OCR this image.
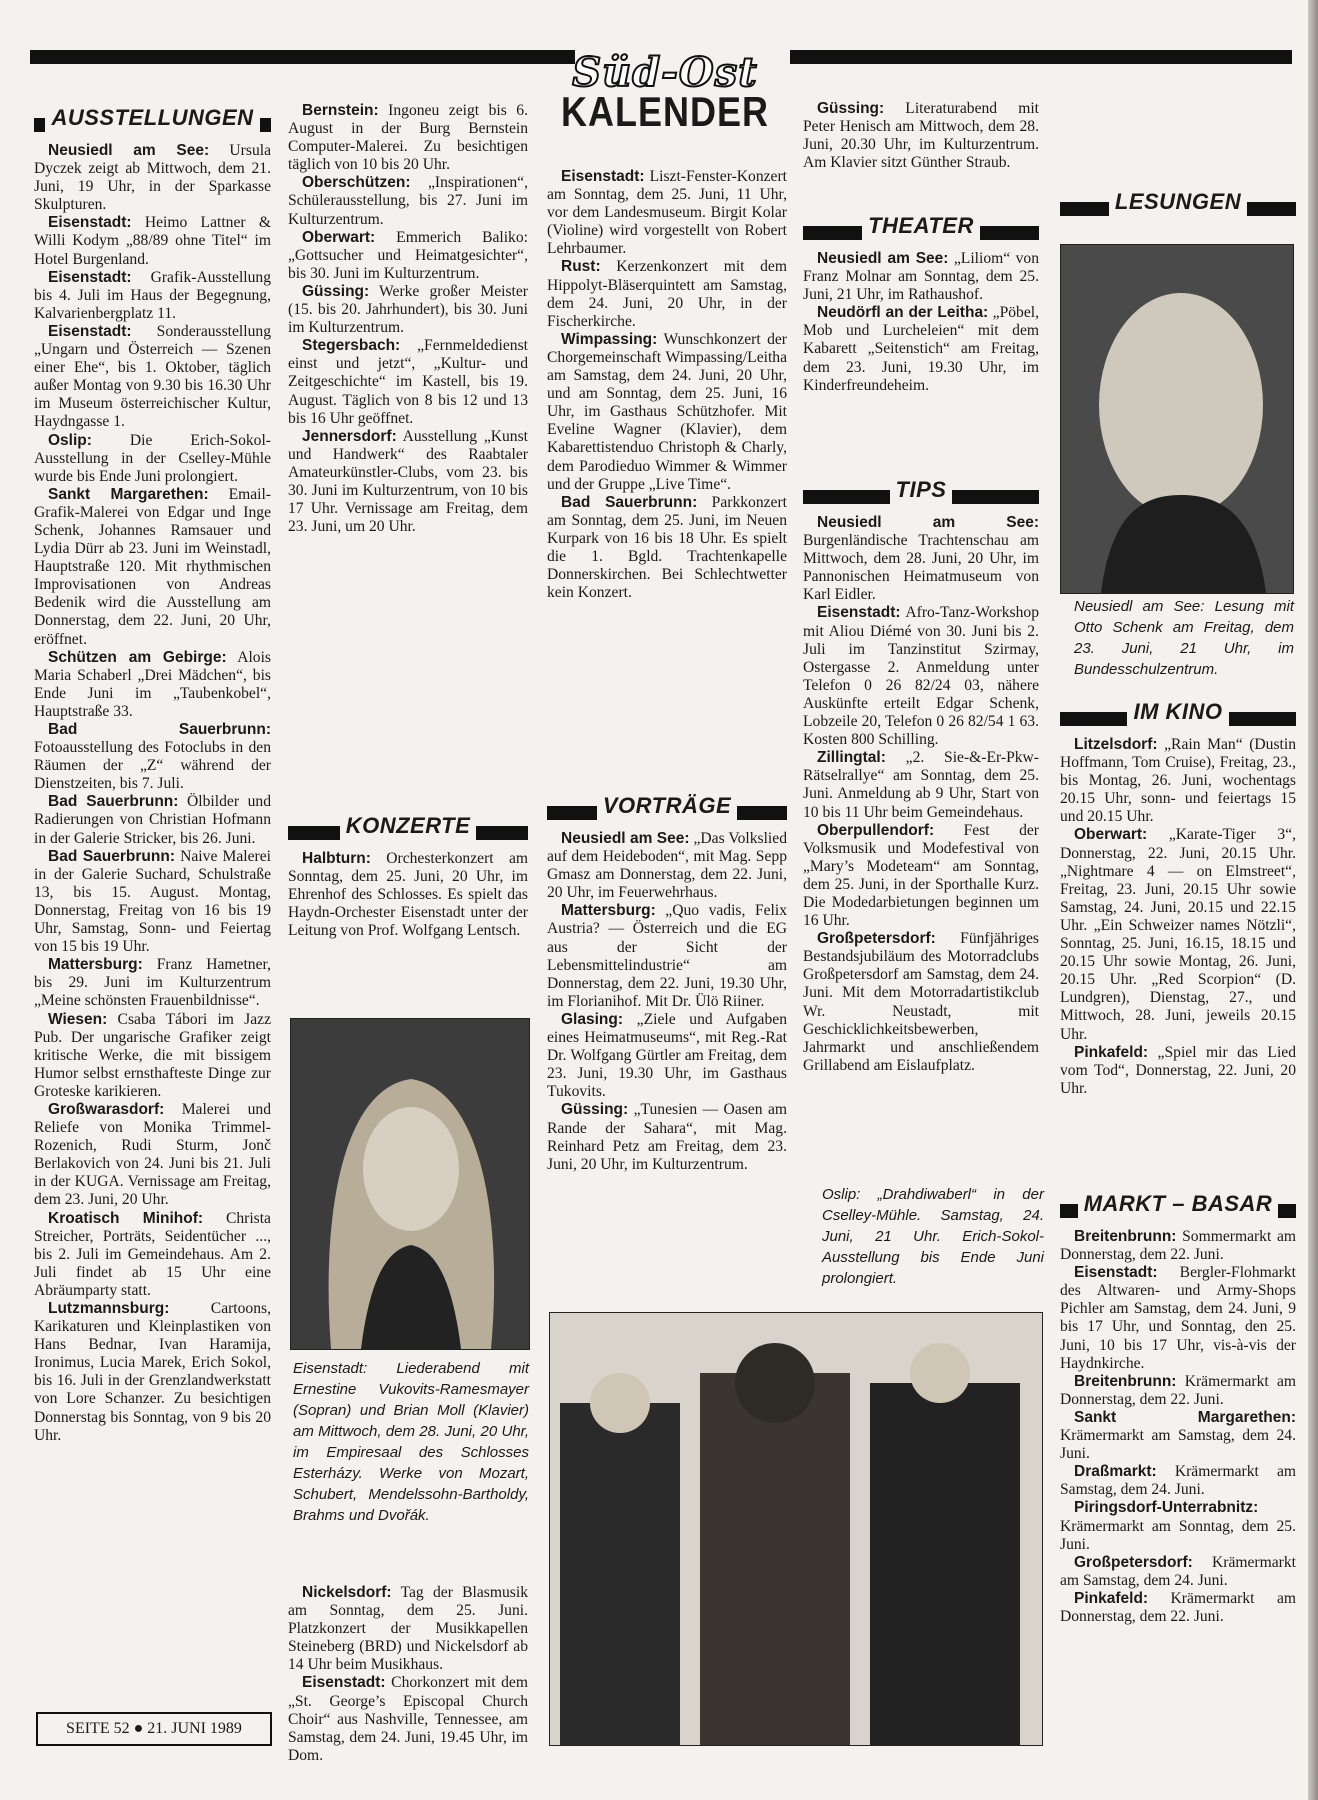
Süd-Ost
KALENDER
AUSSTELLUNGEN

Neusiedl am See: Ursula Dyczek zeigt ab Mittwoch, dem 21. Juni, 19 Uhr, in der Sparkasse Skulpturen.

Eisenstadt: Heimo Lattner & Willi Kodym „88/89 ohne Titel“ im Hotel Burgenland.

Eisenstadt: Grafik-Ausstellung bis 4. Juli im Haus der Begegnung, Kalvarienbergplatz 11.

Eisenstadt: Sonderausstellung „Ungarn und Österreich — Szenen einer Ehe“, bis 1. Oktober, täglich außer Montag von 9.30 bis 16.30 Uhr im Museum österreichischer Kultur, Haydngasse 1.

Oslip: Die Erich-Sokol-Ausstellung in der Cselley-Mühle wurde bis Ende Juni prolongiert.

Sankt Margarethen: Email-Grafik-Malerei von Edgar und Inge Schenk, Johannes Ramsauer und Lydia Dürr ab 23. Juni im Weinstadl, Hauptstraße 120. Mit rhythmischen Improvisationen von Andreas Bedenik wird die Ausstellung am Donnerstag, dem 22. Juni, 20 Uhr, eröffnet.

Schützen am Gebirge: Alois Maria Schaberl „Drei Mädchen“, bis Ende Juni im „Taubenkobel“, Hauptstraße 33.

Bad Sauerbrunn: Fotoausstellung des Fotoclubs in den Räumen der „Z“ während der Dienstzeiten, bis 7. Juli.

Bad Sauerbrunn: Ölbilder und Radierungen von Christian Hofmann in der Galerie Stricker, bis 26. Juni.

Bad Sauerbrunn: Naive Malerei in der Galerie Suchard, Schulstraße 13, bis 15. August. Montag, Donnerstag, Freitag von 16 bis 19 Uhr, Samstag, Sonn- und Feiertag von 15 bis 19 Uhr.

Mattersburg: Franz Hametner, bis 29. Juni im Kulturzentrum „Meine schönsten Frauenbildnisse“.

Wiesen: Csaba Tábori im Jazz Pub. Der ungarische Grafiker zeigt kritische Werke, die mit bissigem Humor selbst ernsthafteste Dinge zur Groteske karikieren.

Großwarasdorf: Malerei und Reliefe von Monika Trimmel-Rozenich, Rudi Sturm, Jonč Berlakovich von 24. Juni bis 21. Juli in der KUGA. Vernissage am Freitag, dem 23. Juni, 20 Uhr.

Kroatisch Minihof: Christa Streicher, Porträts, Seidentücher ..., bis 2. Juli im Gemeindehaus. Am 2. Juli findet ab 15 Uhr eine Abräumparty statt.

Lutzmannsburg: Cartoons, Karikaturen und Kleinplastiken von Hans Bednar, Ivan Haramija, Ironimus, Lucia Marek, Erich Sokol, bis 16. Juli in der Grenzlandwerkstatt von Lore Schanzer. Zu besichtigen Donnerstag bis Sonntag, von 9 bis 20 Uhr.

Bernstein: Ingoneu zeigt bis 6. August in der Burg Bernstein Computer-Malerei. Zu besichtigen täglich von 10 bis 20 Uhr.

Oberschützen: „Inspirationen“, Schülerausstellung, bis 27. Juni im Kulturzentrum.

Oberwart: Emmerich Baliko: „Gottsucher und Heimatgesichter“, bis 30. Juni im Kulturzentrum.

Güssing: Werke großer Meister (15. bis 20. Jahrhundert), bis 30. Juni im Kulturzentrum.

Stegersbach: „Fernmeldedienst einst und jetzt“, „Kultur- und Zeitgeschichte“ im Kastell, bis 19. August. Täglich von 8 bis 12 und 13 bis 16 Uhr geöffnet.

Jennersdorf: Ausstellung „Kunst und Handwerk“ des Raabtaler Amateurkünstler-Clubs, vom 23. bis 30. Juni im Kulturzentrum, von 10 bis 17 Uhr. Vernissage am Freitag, dem 23. Juni, um 20 Uhr.

KONZERTE

Halbturn: Orchesterkonzert am Sonntag, dem 25. Juni, 20 Uhr, im Ehrenhof des Schlosses. Es spielt das Haydn-Orchester Eisenstadt unter der Leitung von Prof. Wolfgang Lentsch.

Eisenstadt: Liederabend mit Ernestine Vukovits-Ramesmayer (Sopran) und Brian Moll (Klavier) am Mittwoch, dem 28. Juni, 20 Uhr, im Empiresaal des Schlosses Esterházy. Werke von Mozart, Schubert, Mendelssohn-Bartholdy, Brahms und Dvořák.

Nickelsdorf: Tag der Blasmusik am Sonntag, dem 25. Juni. Platzkonzert der Musikkapellen Steineberg (BRD) und Nickelsdorf ab 14 Uhr beim Musikhaus.

Eisenstadt: Chorkonzert mit dem „St. George’s Episcopal Church Choir“ aus Nashville, Tennessee, am Samstag, dem 24. Juni, 19.45 Uhr, im Dom.

Eisenstadt: Liszt-Fenster-Konzert am Sonntag, dem 25. Juni, 11 Uhr, vor dem Landesmuseum. Birgit Kolar (Violine) wird vorgestellt von Robert Lehrbaumer.

Rust: Kerzenkonzert mit dem Hippolyt-Bläserquintett am Samstag, dem 24. Juni, 20 Uhr, in der Fischerkirche.

Wimpassing: Wunschkonzert der Chorgemeinschaft Wimpassing/Leitha am Samstag, dem 24. Juni, 20 Uhr, und am Sonntag, dem 25. Juni, 16 Uhr, im Gasthaus Schützhofer. Mit Eveline Wagner (Klavier), dem Kabarettistenduo Christoph & Charly, dem Parodieduo Wimmer & Wimmer und der Gruppe „Live Time“.

Bad Sauerbrunn: Parkkonzert am Sonntag, dem 25. Juni, im Neuen Kurpark von 16 bis 18 Uhr. Es spielt die 1. Bgld. Trachtenkapelle Donnerskirchen. Bei Schlechtwetter kein Konzert.

VORTRÄGE

Neusiedl am See: „Das Volkslied auf dem Heideboden“, mit Mag. Sepp Gmasz am Donnerstag, dem 22. Juni, 20 Uhr, im Feuerwehrhaus.

Mattersburg: „Quo vadis, Felix Austria? — Österreich und die EG aus der Sicht der Lebensmittelindustrie“ am Donnerstag, dem 22. Juni, 19.30 Uhr, im Florianihof. Mit Dr. Ülö Riiner.

Glasing: „Ziele und Aufgaben eines Heimatmuseums“, mit Reg.-Rat Dr. Wolfgang Gürtler am Freitag, dem 23. Juni, 19.30 Uhr, im Gasthaus Tukovits.

Güssing: „Tunesien — Oasen am Rande der Sahara“, mit Mag. Reinhard Petz am Freitag, dem 23. Juni, 20 Uhr, im Kulturzentrum.

Güssing: Literaturabend mit Peter Henisch am Mittwoch, dem 28. Juni, 20.30 Uhr, im Kulturzentrum. Am Klavier sitzt Günther Straub.

THEATER

Neusiedl am See: „Liliom“ von Franz Molnar am Sonntag, dem 25. Juni, 21 Uhr, im Rathaushof.

Neudörfl an der Leitha: „Pöbel, Mob und Lurcheleien“ mit dem Kabarett „Seitenstich“ am Freitag, dem 23. Juni, 19.30 Uhr, im Kinderfreundeheim.

TIPS

Neusiedl am See: Burgenländische Trachtenschau am Mittwoch, dem 28. Juni, 20 Uhr, im Pannonischen Heimatmuseum von Karl Eidler.

Eisenstadt: Afro-Tanz-Workshop mit Aliou Diémé von 30. Juni bis 2. Juli im Tanzinstitut Szirmay, Ostergasse 2. Anmeldung unter Telefon 0 26 82/24 03, nähere Auskünfte erteilt Edgar Schenk, Lobzeile 20, Telefon 0 26 82/54 1 63. Kosten 800 Schilling.

Zillingtal: „2. Sie-&-Er-Pkw-Rätselrallye“ am Sonntag, dem 25. Juni. Anmeldung ab 9 Uhr, Start von 10 bis 11 Uhr beim Gemeindehaus.

Oberpullendorf: Fest der Volksmusik und Modefestival von „Mary’s Modeteam“ am Sonntag, dem 25. Juni, in der Sporthalle Kurz. Die Modedarbietungen beginnen um 16 Uhr.

Großpetersdorf: Fünfjähriges Bestandsjubiläum des Motorradclubs Großpetersdorf am Samstag, dem 24. Juni. Mit dem Motorradartistikclub Wr. Neustadt, mit Geschicklichkeitsbewerben, Jahrmarkt und anschließendem Grillabend am Eislaufplatz.

Oslip: „Drahdiwaberl“ in der Cselley-Mühle. Samstag, 24. Juni, 21 Uhr. Erich-Sokol-Ausstellung bis Ende Juni prolongiert.
LESUNGEN
Neusiedl am See: Lesung mit Otto Schenk am Freitag, dem 23. Juni, 21 Uhr, im Bundesschulzentrum.
IM KINO

Litzelsdorf: „Rain Man“ (Dustin Hoffmann, Tom Cruise), Freitag, 23., bis Montag, 26. Juni, wochentags 20.15 Uhr, sonn- und feiertags 15 und 20.15 Uhr.

Oberwart: „Karate-Tiger 3“, Donnerstag, 22. Juni, 20.15 Uhr. „Nightmare 4 — on Elmstreet“, Freitag, 23. Juni, 20.15 Uhr sowie Samstag, 24. Juni, 20.15 und 22.15 Uhr. „Ein Schweizer names Nötzli“, Sonntag, 25. Juni, 16.15, 18.15 und 20.15 Uhr sowie Montag, 26. Juni, 20.15 Uhr. „Red Scorpion“ (D. Lundgren), Dienstag, 27., und Mittwoch, 28. Juni, jeweils 20.15 Uhr.

Pinkafeld: „Spiel mir das Lied vom Tod“, Donnerstag, 22. Juni, 20 Uhr.

MARKT – BASAR

Breitenbrunn: Sommermarkt am Donnerstag, dem 22. Juni.

Eisenstadt: Bergler-Flohmarkt des Altwaren- und Army-Shops Pichler am Samstag, dem 24. Juni, 9 bis 17 Uhr, und Sonntag, den 25. Juni, 10 bis 17 Uhr, vis-à-vis der Haydnkirche.

Breitenbrunn: Krämermarkt am Donnerstag, dem 22. Juni.

Sankt Margarethen: Krämermarkt am Samstag, dem 24. Juni.

Draßmarkt: Krämermarkt am Samstag, dem 24. Juni.

Piringsdorf-Unterrabnitz: Krämermarkt am Sonntag, dem 25. Juni.

Großpetersdorf: Krämermarkt am Samstag, dem 24. Juni.

Pinkafeld: Krämermarkt am Donnerstag, dem 22. Juni.

SEITE 52 ● 21. JUNI 1989
